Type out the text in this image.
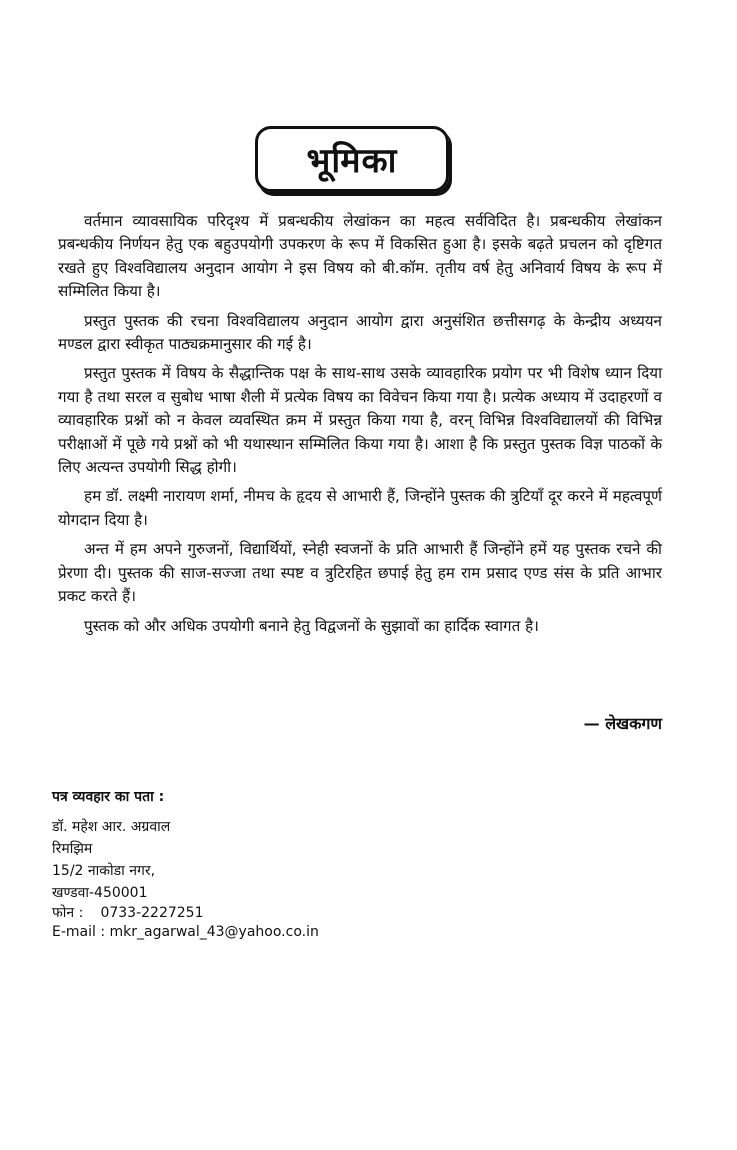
भूमिका

वर्तमान व्यावसायिक परिदृश्य में प्रबन्धकीय लेखांकन का महत्व सर्वविदित है। प्रबन्धकीय लेखांकन प्रबन्धकीय निर्णयन हेतु एक बहुउपयोगी उपकरण के रूप में विकसित हुआ है। इसके बढ़ते प्रचलन को दृष्टिगत रखते हुए विश्वविद्यालय अनुदान आयोग ने इस विषय को बी.कॉम. तृतीय वर्ष हेतु अनिवार्य विषय के रूप में सम्मिलित किया है।

प्रस्तुत पुस्तक की रचना विश्वविद्यालय अनुदान आयोग द्वारा अनुसंशित छत्तीसगढ़ के केन्द्रीय अध्ययन मण्डल द्वारा स्वीकृत पाठ्यक्रमानुसार की गई है।

प्रस्तुत पुस्तक में विषय के सैद्धान्तिक पक्ष के साथ-साथ उसके व्यावहारिक प्रयोग पर भी विशेष ध्यान दिया गया है तथा सरल व सुबोध भाषा शैली में प्रत्येक विषय का विवेचन किया गया है। प्रत्येक अध्याय में उदाहरणों व व्यावहारिक प्रश्नों को न केवल व्यवस्थित क्रम में प्रस्तुत किया गया है, वरन् विभिन्न विश्वविद्यालयों की विभिन्न परीक्षाओं में पूछे गये प्रश्नों को भी यथास्थान सम्मिलित किया गया है। आशा है कि प्रस्तुत पुस्तक विज्ञ पाठकों के लिए अत्यन्त उपयोगी सिद्ध होगी।

हम डॉ. लक्ष्मी नारायण शर्मा, नीमच के हृदय से आभारी हैं, जिन्होंने पुस्तक की त्रुटियाँ दूर करने में महत्वपूर्ण योगदान दिया है।

अन्त में हम अपने गुरुजनों, विद्यार्थियों, स्नेही स्वजनों के प्रति आभारी हैं जिन्होंने हमें यह पुस्तक रचने की प्रेरणा दी। पुस्तक की साज-सज्जा तथा स्पष्ट व त्रुटिरहित छपाई हेतु हम राम प्रसाद एण्ड संस के प्रति आभार प्रकट करते हैं।

पुस्तक को और अधिक उपयोगी बनाने हेतु विद्वजनों के सुझावों का हार्दिक स्वागत है।

— लेखकगण
पत्र व्यवहार का पता :

डॉ. महेश आर. अग्रवाल

रिमझिम

15/2 नाकोडा नगर,

खण्डवा-450001

फोन : 0733-2227251

E-mail : mkr_agarwal_43@yahoo.co.in
